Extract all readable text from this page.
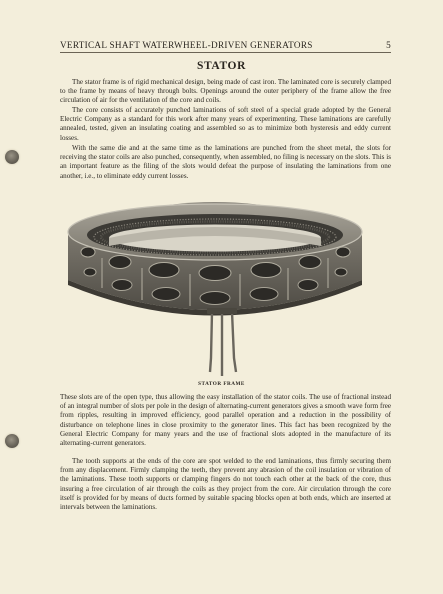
VERTICAL SHAFT WATERWHEEL-DRIVEN GENERATORS	5
STATOR

The stator frame is of rigid mechanical design, being made of cast iron. The laminated core is securely clamped to the frame by means of heavy through bolts. Openings around the outer periphery of the frame allow the free circulation of air for the ventilation of the core and coils.

The core consists of accurately punched laminations of soft steel of a special grade adopted by the General Electric Company as a standard for this work after many years of experimenting. These laminations are carefully annealed, tested, given an insulating coating and assembled so as to minimize both hysteresis and eddy current losses.

With the same die and at the same time as the laminations are punched from the sheet metal, the slots for receiving the stator coils are also punched, consequently, when assembled, no filing is necessary on the slots. This is an important feature as the filing of the slots would defeat the purpose of insulating the laminations from one another, i.e., to eliminate eddy current losses.

STATOR FRAME

These slots are of the open type, thus allowing the easy installation of the stator coils. The use of fractional instead of an integral number of slots per pole in the design of alternating-current generators gives a smooth wave form free from ripples, resulting in improved efficiency, good parallel operation and a reduction in the possibility of disturbance on telephone lines in close proximity to the generator lines. This fact has been recognized by the General Electric Company for many years and the use of fractional slots adopted in the manufacture of its alternating-current generators.

The tooth supports at the ends of the core are spot welded to the end laminations, thus firmly securing them from any displacement. Firmly clamping the teeth, they prevent any abrasion of the coil insulation or vibration of the laminations. These tooth supports or clamping fingers do not touch each other at the back of the core, thus insuring a free circulation of air through the coils as they project from the core. Air circulation through the core itself is provided for by means of ducts formed by suitable spacing blocks open at both ends, which are inserted at intervals between the laminations.
